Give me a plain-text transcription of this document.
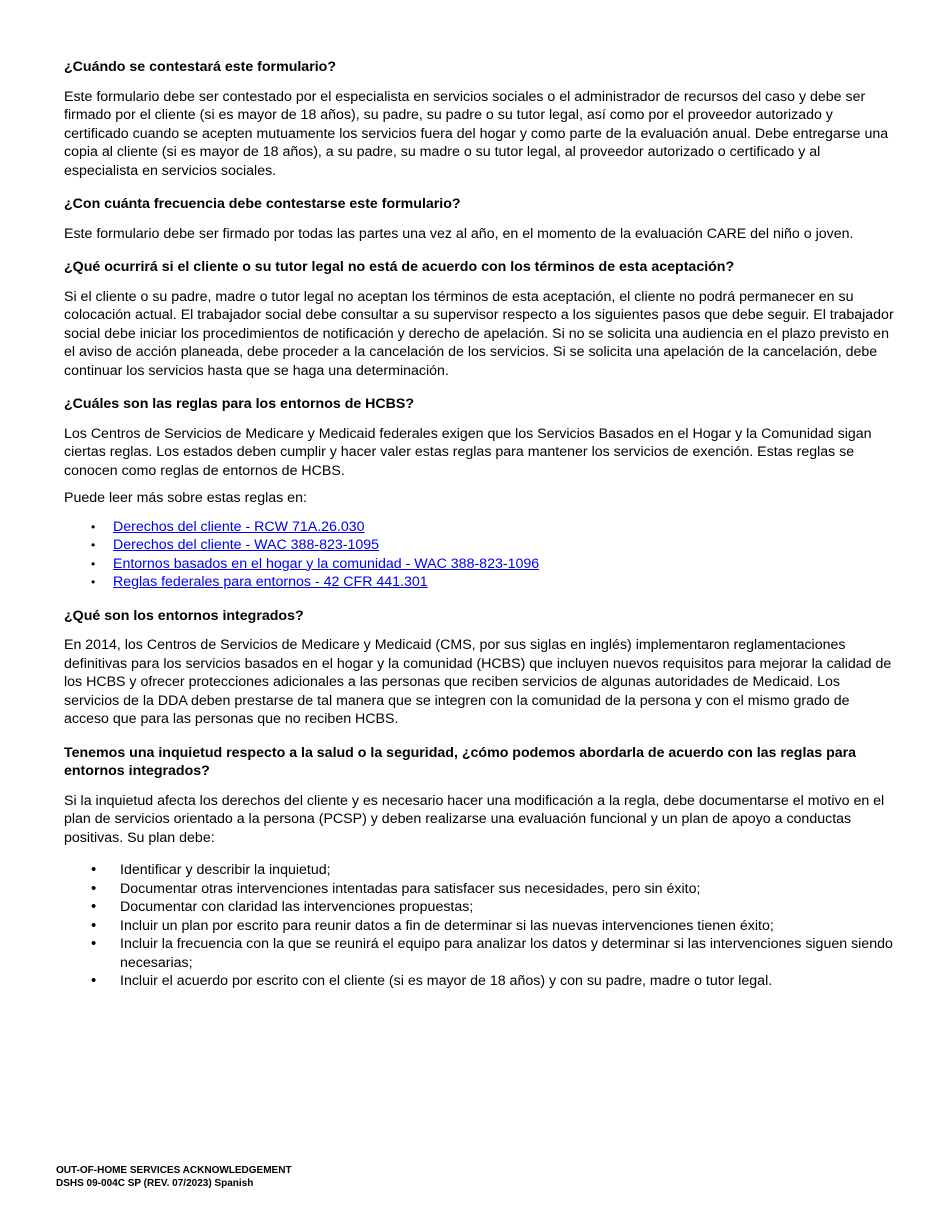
¿Cuándo se contestará este formulario?

Este formulario debe ser contestado por el especialista en servicios sociales o el administrador de recursos del caso y debe ser firmado por el cliente (si es mayor de 18 años), su padre, su padre o su tutor legal, así como por el proveedor autorizado y certificado cuando se acepten mutuamente los servicios fuera del hogar y como parte de la evaluación anual. Debe entregarse una copia al cliente (si es mayor de 18 años), a su padre, su madre o su tutor legal, al proveedor autorizado o certificado y al especialista en servicios sociales.

¿Con cuánta frecuencia debe contestarse este formulario?

Este formulario debe ser firmado por todas las partes una vez al año, en el momento de la evaluación CARE del niño o joven.

¿Qué ocurrirá si el cliente o su tutor legal no está de acuerdo con los términos de esta aceptación?

Si el cliente o su padre, madre o tutor legal no aceptan los términos de esta aceptación, el cliente no podrá permanecer en su colocación actual. El trabajador social debe consultar a su supervisor respecto a los siguientes pasos que debe seguir. El trabajador social debe iniciar los procedimientos de notificación y derecho de apelación. Si no se solicita una audiencia en el plazo previsto en el aviso de acción planeada, debe proceder a la cancelación de los servicios. Si se solicita una apelación de la cancelación, debe continuar los servicios hasta que se haga una determinación.

¿Cuáles son las reglas para los entornos de HCBS?

Los Centros de Servicios de Medicare y Medicaid federales exigen que los Servicios Basados en el Hogar y la Comunidad sigan ciertas reglas. Los estados deben cumplir y hacer valer estas reglas para mantener los servicios de exención. Estas reglas se conocen como reglas de entornos de HCBS.

Puede leer más sobre estas reglas en:

• Derechos del cliente - RCW 71A.26.030
• Derechos del cliente - WAC 388-823-1095
• Entornos basados en el hogar y la comunidad - WAC 388-823-1096
• Reglas federales para entornos - 42 CFR 441.301
¿Qué son los entornos integrados?

En 2014, los Centros de Servicios de Medicare y Medicaid (CMS, por sus siglas en inglés) implementaron reglamentaciones definitivas para los servicios basados en el hogar y la comunidad (HCBS) que incluyen nuevos requisitos para mejorar la calidad de los HCBS y ofrecer protecciones adicionales a las personas que reciben servicios de algunas autoridades de Medicaid. Los servicios de la DDA deben prestarse de tal manera que se integren con la comunidad de la persona y con el mismo grado de acceso que para las personas que no reciben HCBS.

Tenemos una inquietud respecto a la salud o la seguridad, ¿cómo podemos abordarla de acuerdo con las reglas para entornos integrados?

Si la inquietud afecta los derechos del cliente y es necesario hacer una modificación a la regla, debe documentarse el motivo en el plan de servicios orientado a la persona (PCSP) y deben realizarse una evaluación funcional y un plan de apoyo a conductas positivas. Su plan debe:

• Identificar y describir la inquietud;
• Documentar otras intervenciones intentadas para satisfacer sus necesidades, pero sin éxito;
• Documentar con claridad las intervenciones propuestas;
• Incluir un plan por escrito para reunir datos a fin de determinar si las nuevas intervenciones tienen éxito;
• Incluir la frecuencia con la que se reunirá el equipo para analizar los datos y determinar si las intervenciones siguen siendo necesarias;
• Incluir el acuerdo por escrito con el cliente (si es mayor de 18 años) y con su padre, madre o tutor legal.
OUT-OF-HOME SERVICES ACKNOWLEDGEMENT
DSHS 09-004C SP (REV. 07/2023) Spanish
